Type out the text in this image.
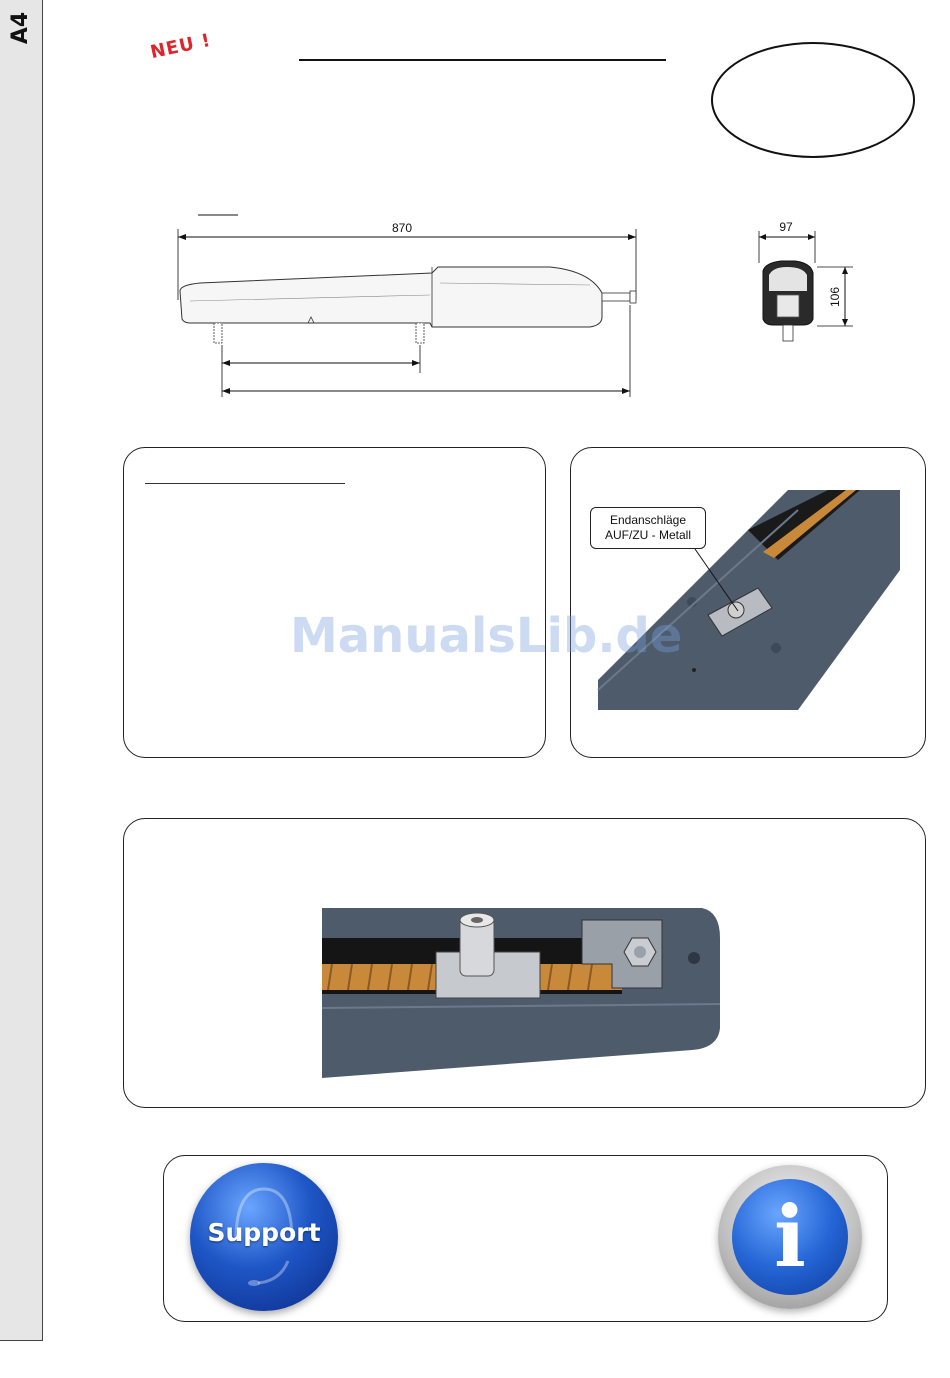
A4
NEU !
870	97
106
Endanschläge
AUF/ZU - Metall
ManualsLib.de
Support	i
